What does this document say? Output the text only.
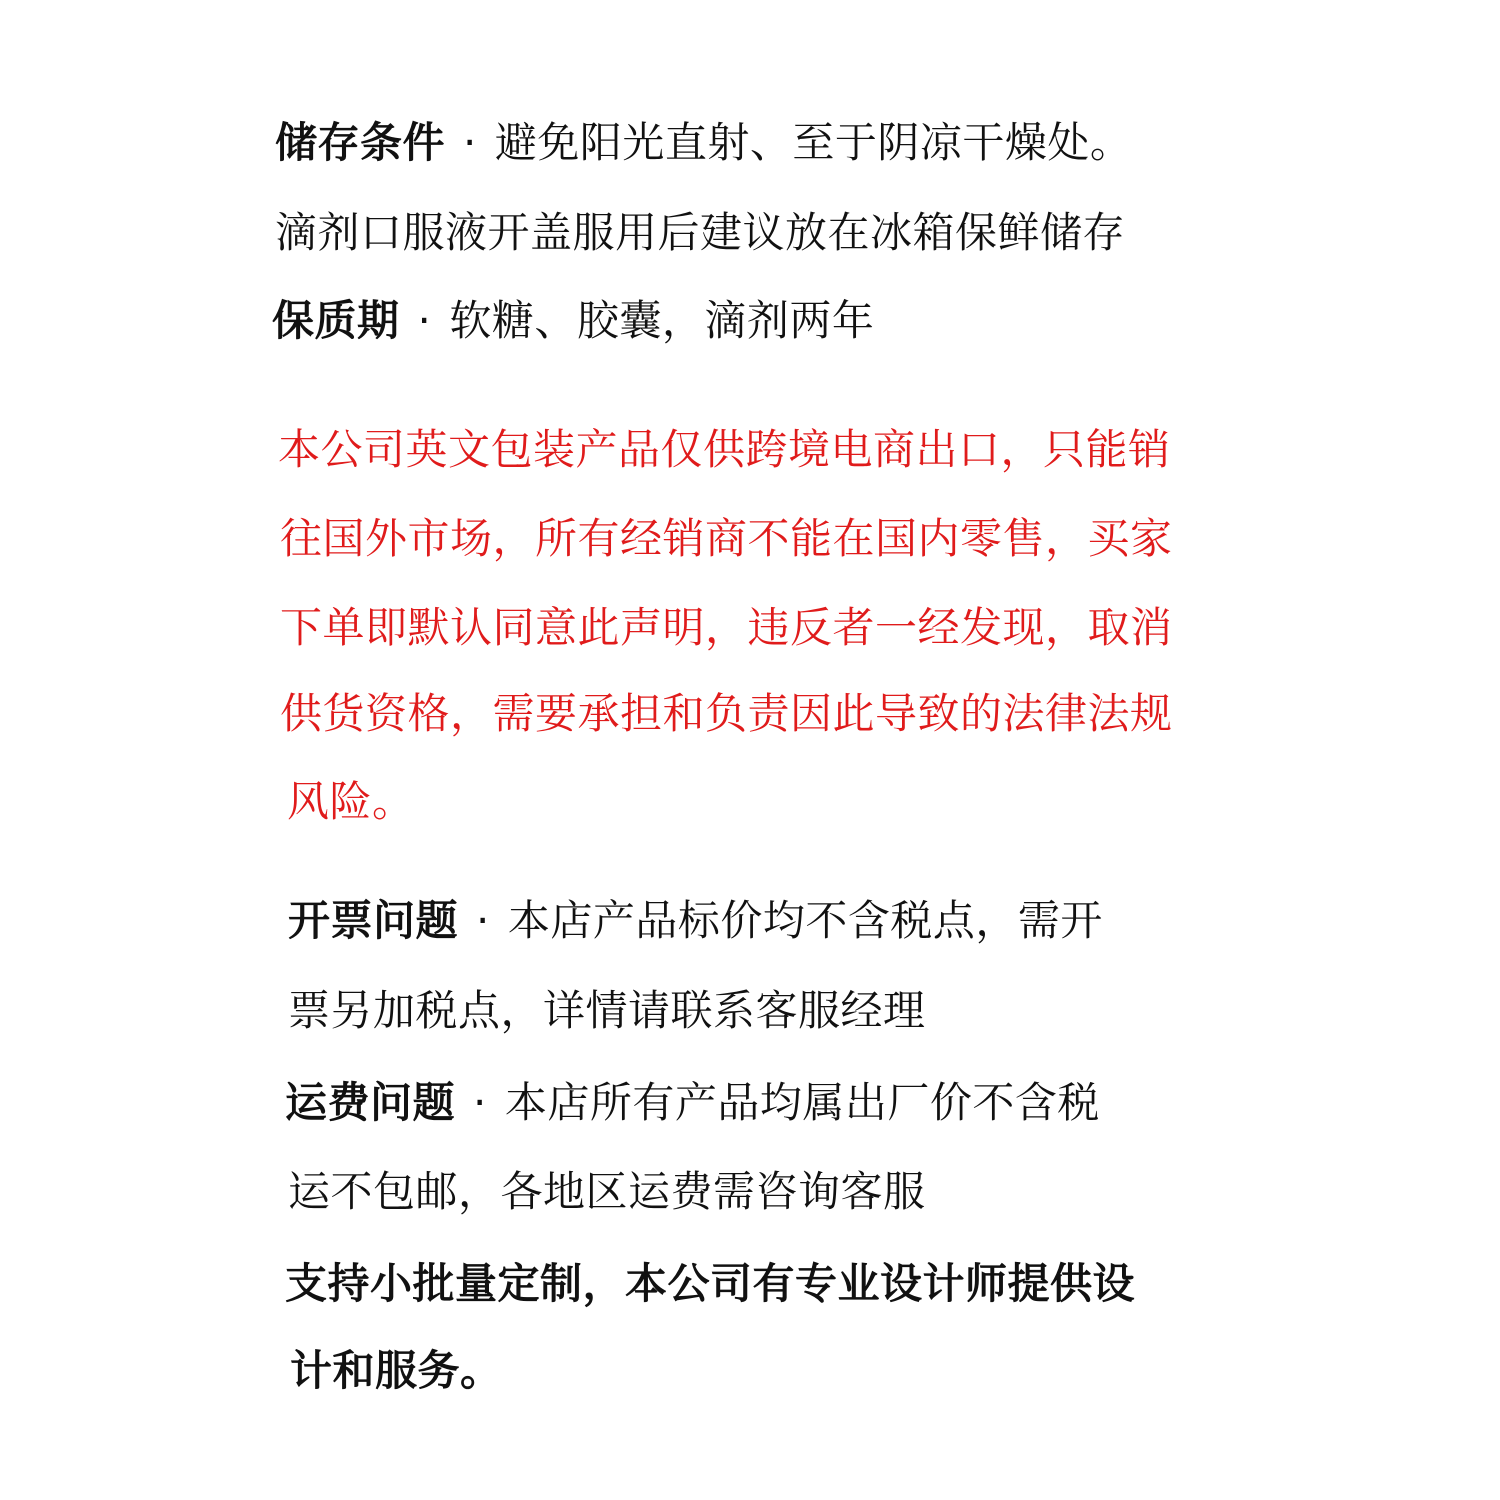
储存条件 · 避免阳光直射、至于阴凉干燥处。
滴剂口服液开盖服用后建议放在冰箱保鲜储存
保质期 · 软糖、胶囊，滴剂两年
本公司英文包装产品仅供跨境电商出口，只能销
往国外市场，所有经销商不能在国内零售，买家
下单即默认同意此声明，违反者一经发现，取消
供货资格，需要承担和负责因此导致的法律法规
风险。
开票问题 · 本店产品标价均不含税点，需开
票另加税点，详情请联系客服经理
运费问题 · 本店所有产品均属出厂价不含税
运不包邮，各地区运费需咨询客服
支持小批量定制，本公司有专业设计师提供设
计和服务。
